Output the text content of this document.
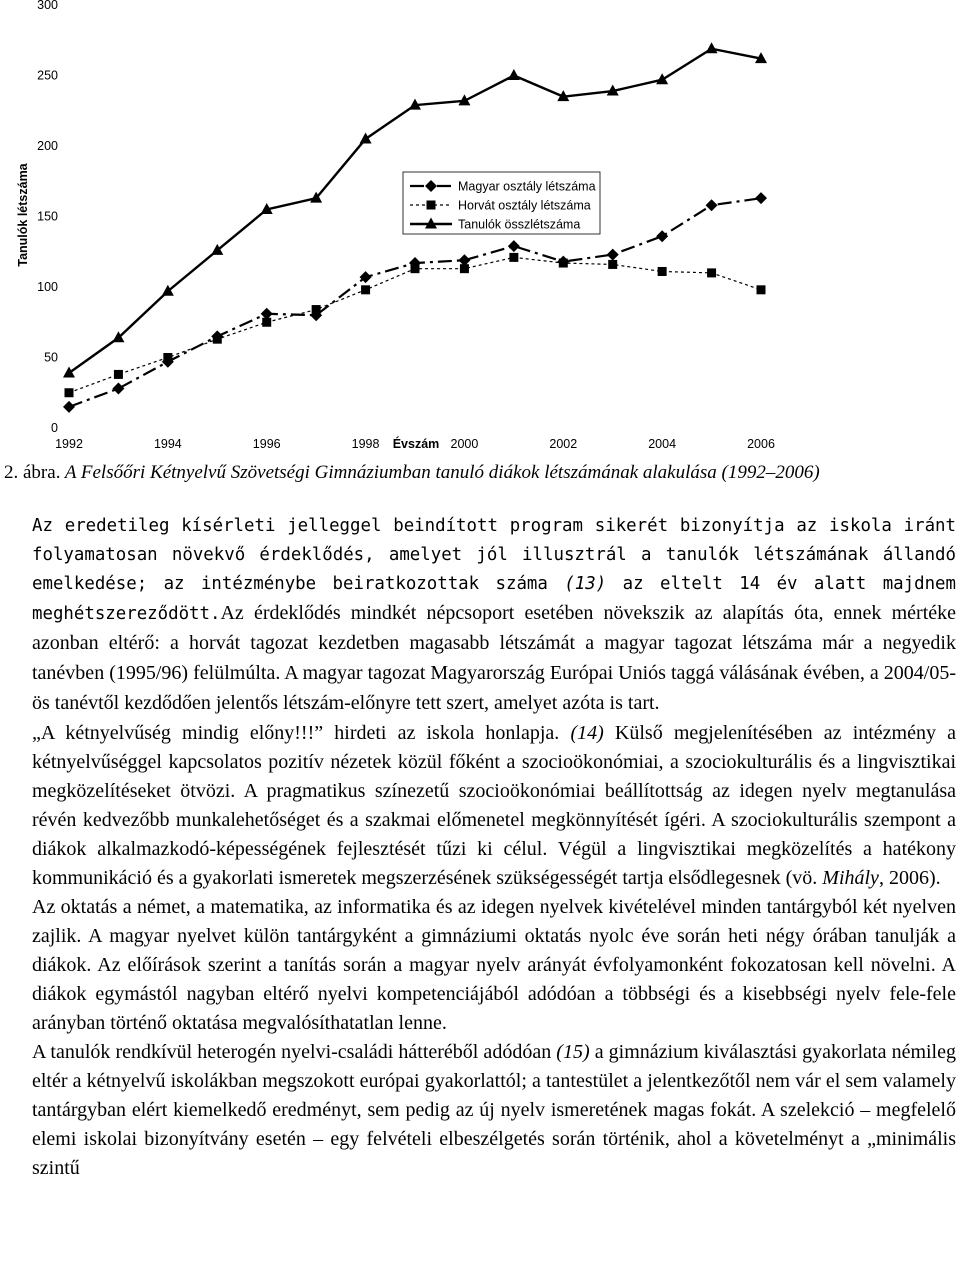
0
50
100
150
200
250
300
1992	1994	1996	1998	2000	2002	2004	2006
Tanulók létszáma
Évszám
Magyar osztály létszáma
Horvát osztály létszáma
Tanulók összlétszáma
2. ábra. A Felsőőri Kétnyelvű Szövetségi Gimnáziumban tanuló diákok létszámának alakulása (1992–2006)

Az eredetileg kísérleti jelleggel beindított program sikerét bizonyítja az iskola iránt folyamatosan növekvő érdeklődés, amelyet jól illusztrál a tanulók létszámának állandó emelkedése; az intézménybe beiratkozottak száma (13) az eltelt 14 év alatt majdnem meghétszereződött.Az érdeklődés mindkét népcsoport esetében növekszik az alapítás óta, ennek mértéke azonban eltérő: a horvát tagozat kezdetben magasabb létszámát a magyar tagozat létszáma már a negyedik tanévben (1995/96) felülmúlta. A magyar tagozat Magyarország Európai Uniós taggá válásának évében, a 2004/05-ös tanévtől kezdődően jelentős létszám-előnyre tett szert, amelyet azóta is tart.

„A kétnyelvűség mindig előny!!!” hirdeti az iskola honlapja. (14) Külső megjelenítésében az intézmény a kétnyelvűséggel kapcsolatos pozitív nézetek közül főként a szocioökonómiai, a szociokulturális és a lingvisztikai megközelítéseket ötvözi. A pragmatikus színezetű szocioökonómiai beállítottság az idegen nyelv megtanulása révén kedvezőbb munkalehetőséget és a szakmai előmenetel megkönnyítését ígéri. A szociokulturális szempont a diákok alkalmazkodó-képességének fejlesztését tűzi ki célul. Végül a lingvisztikai megközelítés a hatékony kommunikáció és a gyakorlati ismeretek megszerzésének szükségességét tartja elsődlegesnek (vö. Mihály, 2006).

Az oktatás a német, a matematika, az informatika és az idegen nyelvek kivételével minden tantárgyból két nyelven zajlik. A magyar nyelvet külön tantárgyként a gimnáziumi oktatás nyolc éve során heti négy órában tanulják a diákok. Az előírások szerint a tanítás során a magyar nyelv arányát évfolyamonként fokozatosan kell növelni. A diákok egymástól nagyban eltérő nyelvi kompetenciájából adódóan a többségi és a kisebbségi nyelv fele-fele arányban történő oktatása megvalósíthatatlan lenne.

A tanulók rendkívül heterogén nyelvi-családi hátteréből adódóan (15) a gimnázium kiválasztási gyakorlata némileg eltér a kétnyelvű iskolákban megszokott európai gyakorlattól; a tantestület a jelentkezőtől nem vár el sem valamely tantárgyban elért kiemelkedő eredményt, sem pedig az új nyelv ismeretének magas fokát. A szelekció – megfelelő elemi iskolai bizonyítvány esetén – egy felvételi elbeszélgetés során történik, ahol a követelményt a „minimális szintű
